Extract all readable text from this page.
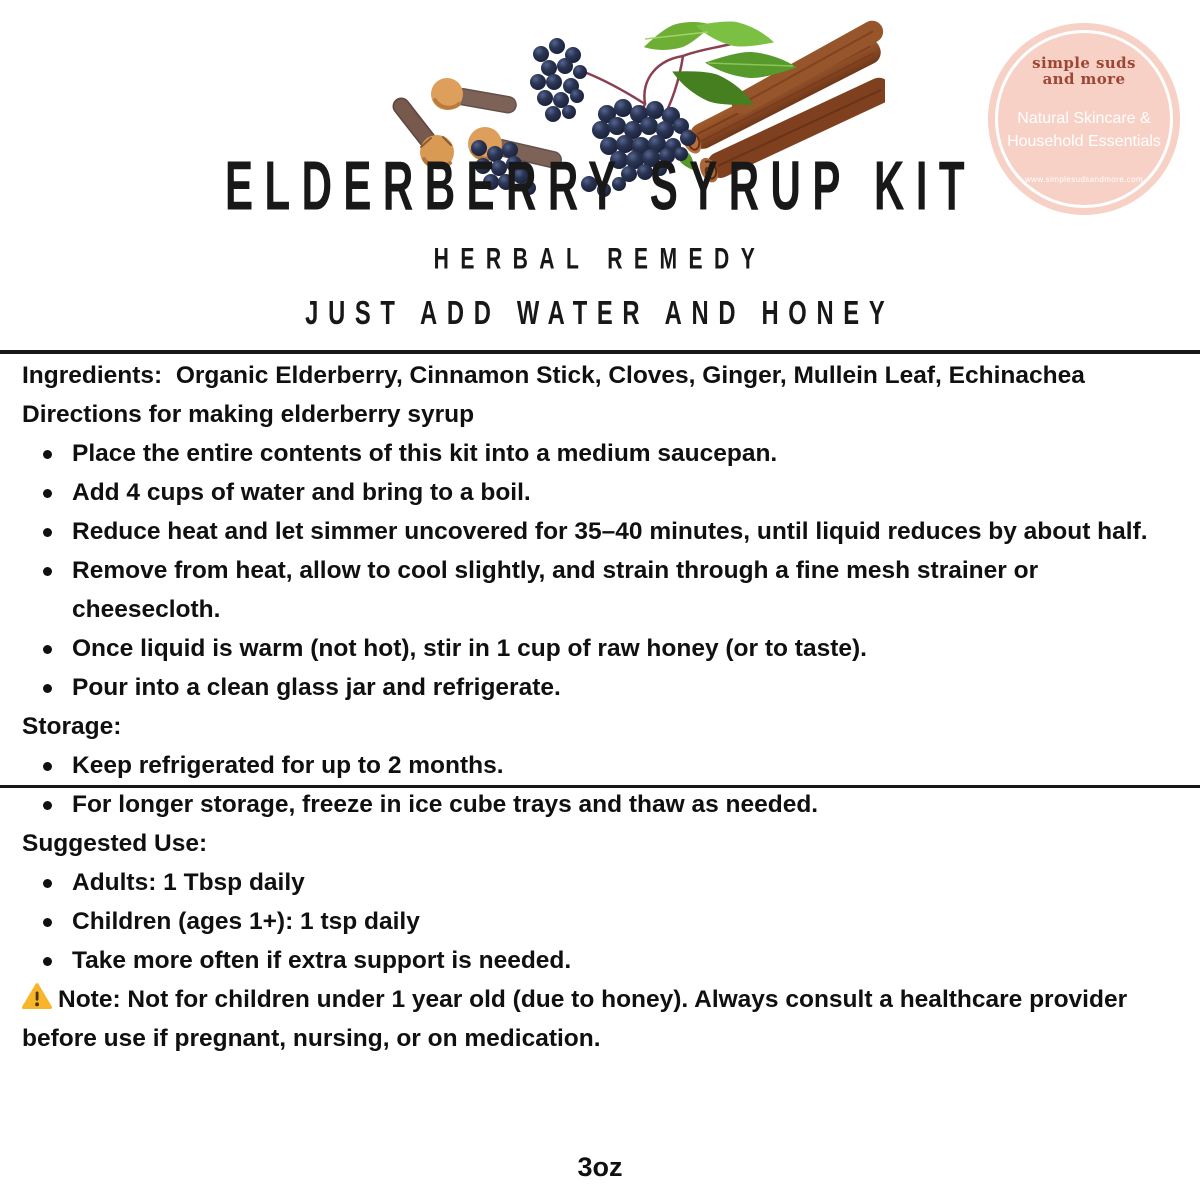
simple suds
and more
Natural Skincare &
Household Essentials
www.simplesudsandmore.com
ELDERBERRY SYRUP KIT
HERBAL REMEDY
JUST ADD WATER AND HONEY

Ingredients:  Organic Elderberry, Cinnamon Stick, Cloves, Ginger, Mullein Leaf, Echinachea

Directions for making elderberry syrup

Place the entire contents of this kit into a medium saucepan.
Add 4 cups of water and bring to a boil.
Reduce heat and let simmer uncovered for 35–40 minutes, until liquid reduces by about half.
Remove from heat, allow to cool slightly, and strain through a fine mesh strainer or cheesecloth.
Once liquid is warm (not hot), stir in 1 cup of raw honey (or to taste).
Pour into a clean glass jar and refrigerate.

Storage:

Keep refrigerated for up to 2 months.
For longer storage, freeze in ice cube trays and thaw as needed.

Suggested Use:

Adults: 1 Tbsp daily
Children (ages 1+): 1 tsp daily
Take more often if extra support is needed.

Note: Not for children under 1 year old (due to honey). Always consult a healthcare provider before use if pregnant, nursing, or on medication.

3oz
